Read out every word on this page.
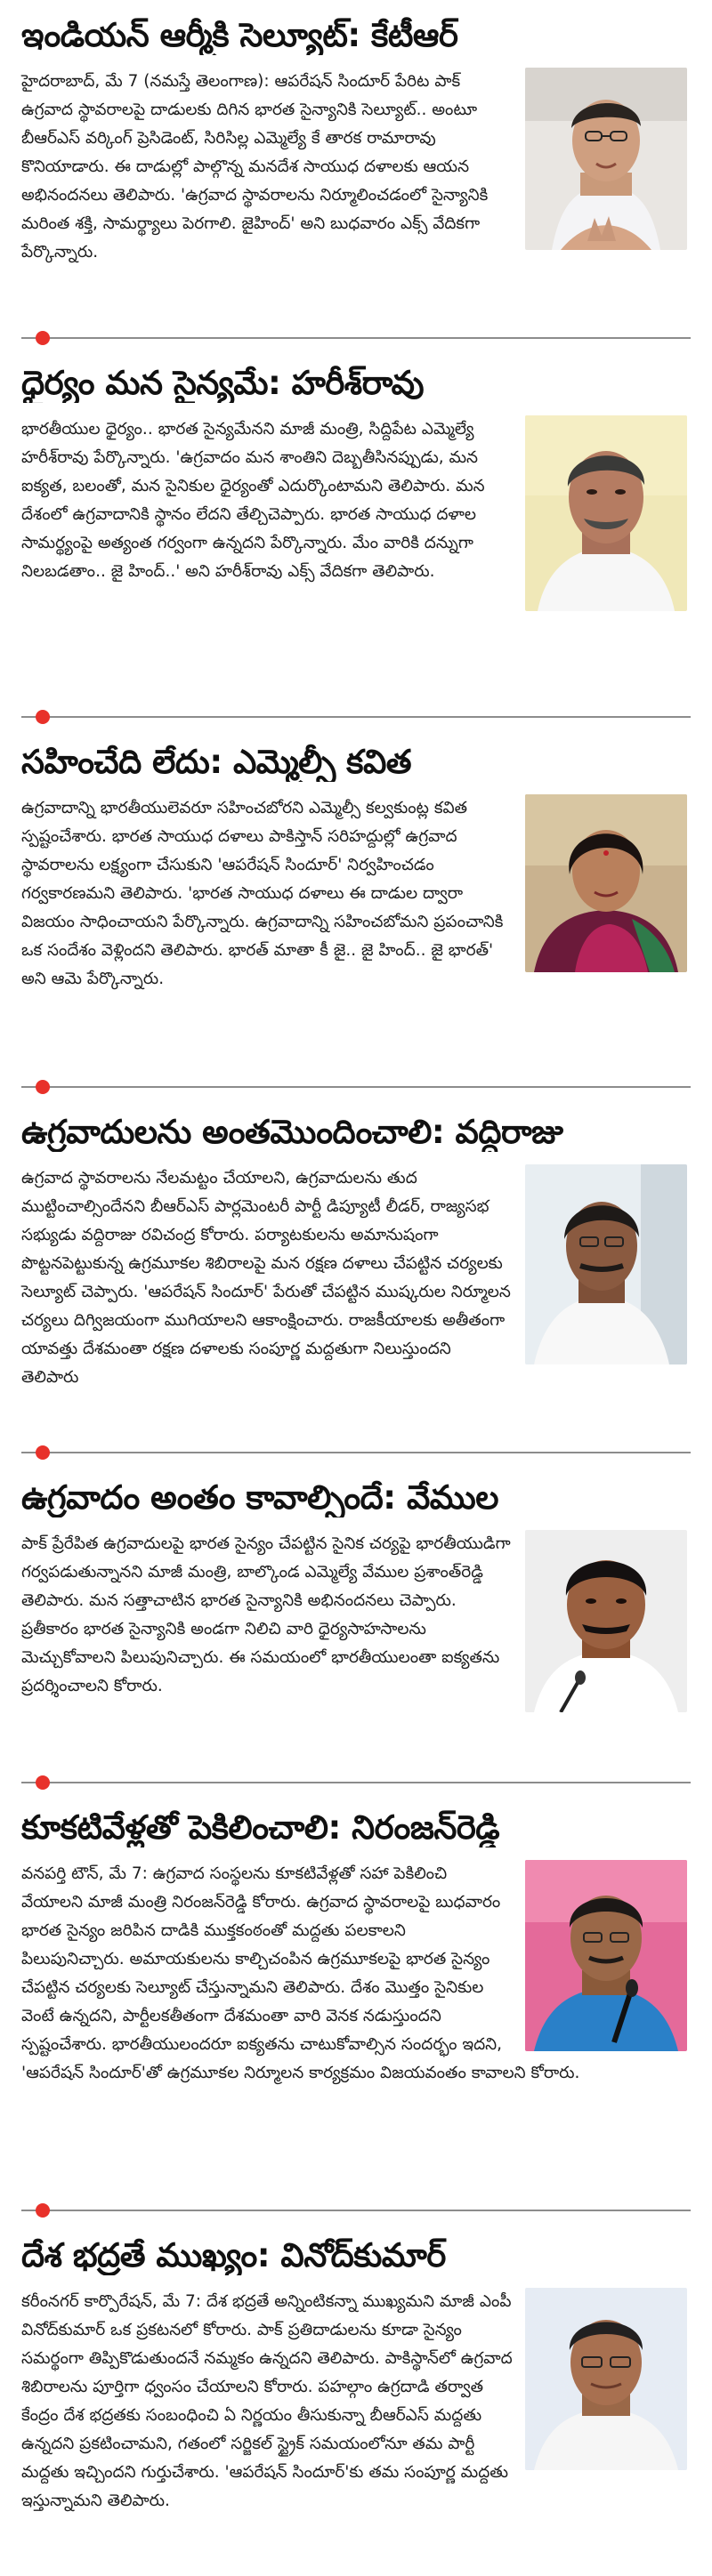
ఇండియన్ ఆర్మీకి సెల్యూట్: కేటీఆర్

హైదరాబాద్, మే 7 (నమస్తే తెలంగాణ): ఆపరేషన్ సిందూర్ పేరిట పాక్ ఉగ్రవాద స్థావరాలపై దాడులకు దిగిన భారత సైన్యానికి సెల్యూట్.. అంటూ బీఆర్ఎస్ వర్కింగ్ ప్రెసిడెంట్, సిరిసిల్ల ఎమ్మెల్యే కే తారక రామారావు కొనియాడారు. ఈ దాడుల్లో పాల్గొన్న మనదేశ సాయుధ దళాలకు ఆయన అభినందనలు తెలిపారు. 'ఉగ్రవాద స్థావరాలను నిర్మూలించడంలో సైన్యానికి మరింత శక్తి, సామర్థ్యాలు పెరగాలి. జైహింద్' అని బుధవారం ఎక్స్ వేదికగా పేర్కొన్నారు.

ధైర్యం మన సైన్యమే: హరీశ్‌రావు

భారతీయుల ధైర్యం.. భారత సైన్యమేనని మాజీ మంత్రి, సిద్దిపేట ఎమ్మెల్యే హరీశ్‌రావు పేర్కొన్నారు. 'ఉగ్రవాదం మన శాంతిని దెబ్బతీసినప్పుడు, మన ఐక్యత, బలంతో, మన సైనికుల ధైర్యంతో ఎదుర్కొంటామని తెలిపారు. మన దేశంలో ఉగ్రవాదానికి స్థానం లేదని తేల్చిచెప్పారు. భారత సాయుధ దళాల సామర్థ్యంపై అత్యంత గర్వంగా ఉన్నదని పేర్కొన్నారు. మేం వారికి దన్నుగా నిలబడతాం.. జై హింద్..' అని హరీశ్‌రావు ఎక్స్ వేదికగా తెలిపారు.

సహించేది లేదు: ఎమ్మెల్సీ కవిత

ఉగ్రవాదాన్ని భారతీయులెవరూ సహించబోరని ఎమ్మెల్సీ కల్వకుంట్ల కవిత స్పష్టంచేశారు. భారత సాయుధ దళాలు పాకిస్తాన్ సరిహద్దుల్లో ఉగ్రవాద స్థావరాలను లక్ష్యంగా చేసుకుని 'ఆపరేషన్ సిందూర్' నిర్వహించడం గర్వకారణమని తెలిపారు. 'భారత సాయుధ దళాలు ఈ దాడుల ద్వారా విజయం సాధించాయని పేర్కొన్నారు. ఉగ్రవాదాన్ని సహించబోమని ప్రపంచానికి ఒక సందేశం వెళ్లిందని తెలిపారు. భారత్ మాతా కీ జై.. జై హింద్.. జై భారత్' అని ఆమె పేర్కొన్నారు.

ఉగ్రవాదులను అంతమొందించాలి: వద్దిరాజు

ఉగ్రవాద స్థావరాలను నేలమట్టం చేయాలని, ఉగ్రవాదులను తుద ముట్టించాల్సిందేనని బీఆర్ఎస్ పార్లమెంటరీ పార్టీ డిప్యూటీ లీడర్, రాజ్యసభ సభ్యుడు వద్దిరాజు రవిచంద్ర కోరారు. పర్యాటకులను అమానుషంగా పొట్టనపెట్టుకున్న ఉగ్రమూకల శిబిరాలపై మన రక్షణ దళాలు చేపట్టిన చర్యలకు సెల్యూట్ చెప్పారు. 'ఆపరేషన్ సిందూర్' పేరుతో చేపట్టిన ముష్కరుల నిర్మూలన చర్యలు దిగ్విజయంగా ముగియాలని ఆకాంక్షించారు. రాజకీయాలకు అతీతంగా యావత్తు దేశమంతా రక్షణ దళాలకు సంపూర్ణ మద్దతుగా నిలుస్తుందని తెలిపారు

ఉగ్రవాదం అంతం కావాల్సిందే: వేముల

పాక్ ప్రేరేపిత ఉగ్రవాదులపై భారత సైన్యం చేపట్టిన సైనిక చర్యపై భారతీయుడిగా గర్వపడుతున్నానని మాజీ మంత్రి, బాల్కొండ ఎమ్మెల్యే వేముల ప్రశాంత్‌రెడ్డి తెలిపారు. మన సత్తాచాటిన భారత సైన్యానికి అభినందనలు చెప్పారు. ప్రతీకారం భారత సైన్యానికి అండగా నిలిచి వారి ధైర్యసాహసాలను మెచ్చుకోవాలని పిలుపునిచ్చారు. ఈ సమయంలో భారతీయులంతా ఐక్యతను ప్రదర్శించాలని కోరారు.

కూకటివేళ్లతో పెకిలించాలి: నిరంజన్‌రెడ్డి

వనపర్తి టౌన్, మే 7: ఉగ్రవాద సంస్థలను కూకటివేళ్లతో సహా పెకిలించి వేయాలని మాజీ మంత్రి నిరంజన్‌రెడ్డి కోరారు. ఉగ్రవాద స్థావరాలపై బుధవారం భారత సైన్యం జరిపిన దాడికి ముక్తకంఠంతో మద్దతు పలకాలని పిలుపునిచ్చారు. అమాయకులను కాల్చిచంపిన ఉగ్రమూకలపై భారత సైన్యం చేపట్టిన చర్యలకు సెల్యూట్ చేస్తున్నామని తెలిపారు. దేశం మొత్తం సైనికుల వెంటే ఉన్నదని, పార్టీలకతీతంగా దేశమంతా వారి వెనక నడుస్తుందని స్పష్టంచేశారు. భారతీయులందరూ ఐక్యతను చాటుకోవాల్సిన సందర్భం ఇదని, 'ఆపరేషన్ సిందూర్'తో ఉగ్రమూకల నిర్మూలన కార్యక్రమం విజయవంతం కావాలని కోరారు.

దేశ భద్రతే ముఖ్యం: వినోద్‌కుమార్

కరీంనగర్ కార్పొరేషన్, మే 7: దేశ భద్రతే అన్నింటికన్నా ముఖ్యమని మాజీ ఎంపీ వినోద్‌కుమార్ ఒక ప్రకటనలో కోరారు. పాక్ ప్రతిదాడులను కూడా సైన్యం సమర్థంగా తిప్పికొడుతుందనే నమ్మకం ఉన్నదని తెలిపారు. పాకిస్థాన్‌లో ఉగ్రవాద శిబిరాలను పూర్తిగా ధ్వంసం చేయాలని కోరారు. పహల్గాం ఉగ్రదాడి తర్వాత కేంద్రం దేశ భద్రతకు సంబంధించి ఏ నిర్ణయం తీసుకున్నా బీఆర్ఎస్ మద్దతు ఉన్నదని ప్రకటించామని, గతంలో సర్జికల్ స్ట్రైక్ సమయంలోనూ తమ పార్టీ మద్దతు ఇచ్చిందని గుర్తుచేశారు. 'ఆపరేషన్ సిందూర్'కు తమ సంపూర్ణ మద్దతు ఇస్తున్నామని తెలిపారు.
